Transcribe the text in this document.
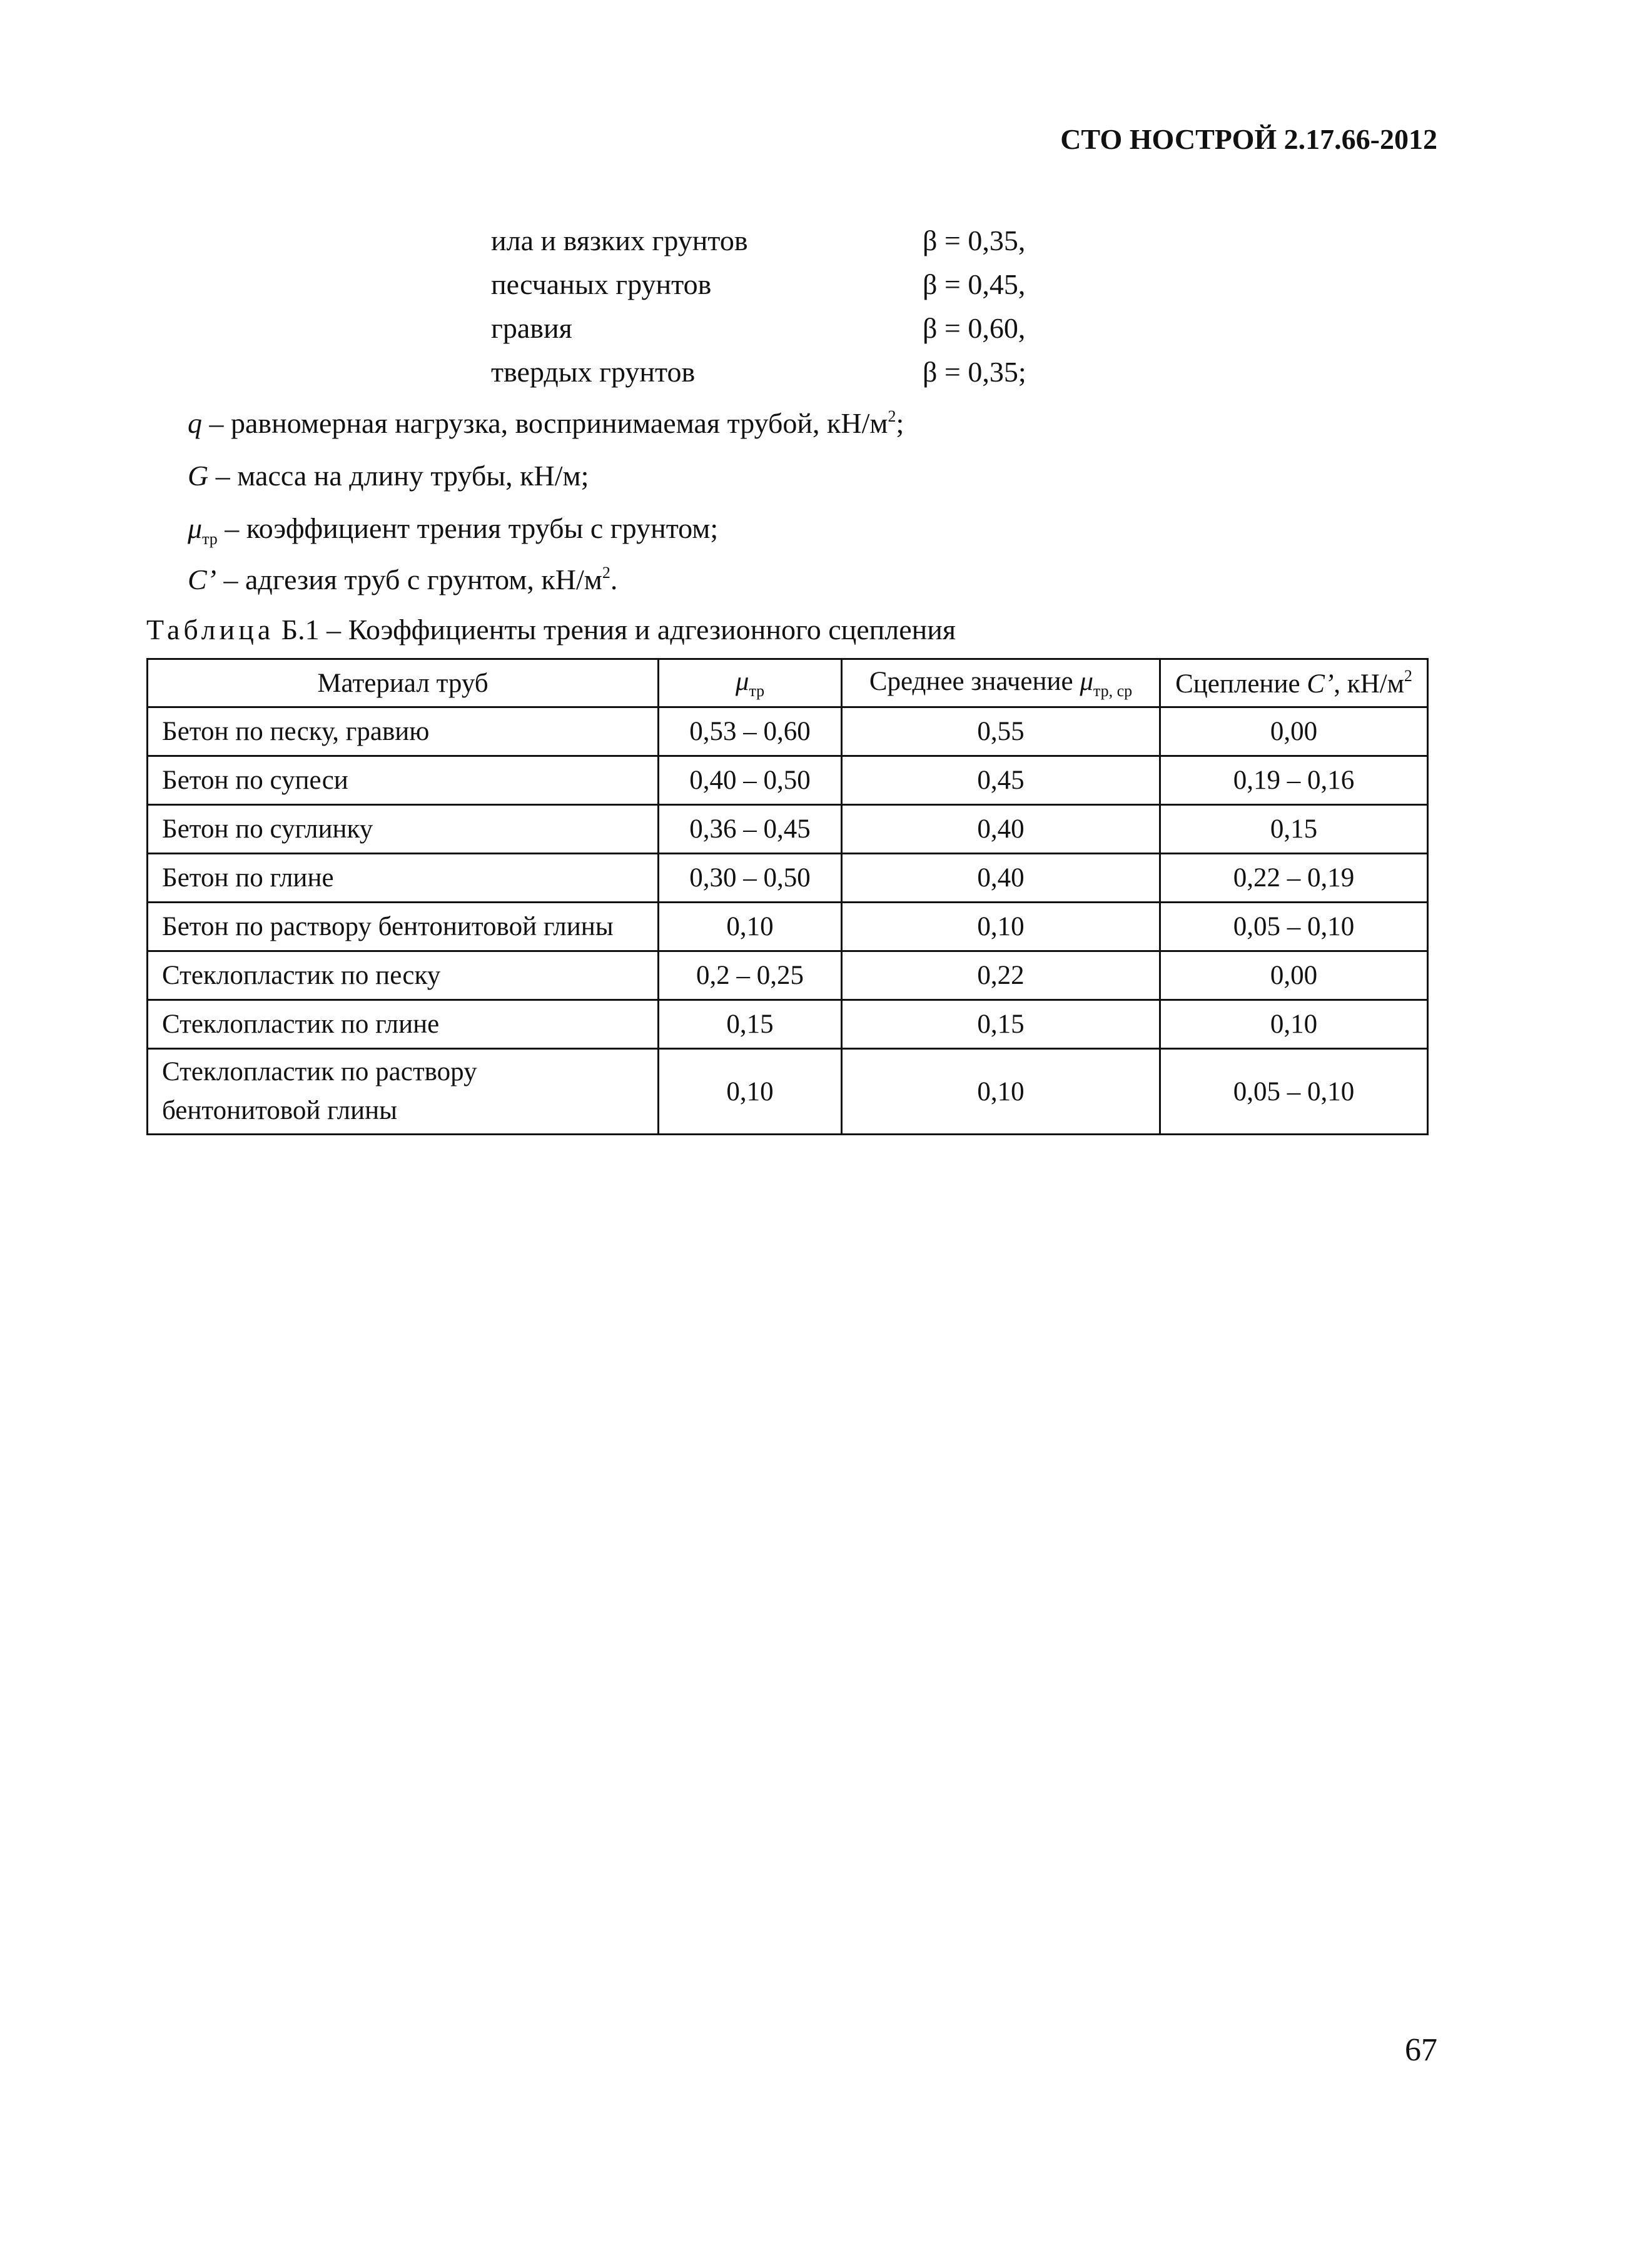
СТО НОСТРОЙ 2.17.66-2012
ила и вязких грунтов	β = 0,35,
песчаных грунтов	β = 0,45,
гравия	β = 0,60,
твердых грунтов	β = 0,35;
q – равномерная нагрузка, воспринимаемая трубой, $кН/м^2$;
G – масса на длину трубы, кН/м;
$\mu_{тр}$ – коэффициент трения трубы с грунтом;
C’ – адгезия труб с грунтом, $кН/м^2$.
Таблица Б.1 – Коэффициенты трения и адгезионного сцепления
Материал труб	$\mu_{тр}$	Среднее значение $\mu_{тр, ср}$	Сцепление C’, $кН/м^2$
Бетон по песку, гравию	0,53 – 0,60	0,55	0,00
Бетон по супеси	0,40 – 0,50	0,45	0,19 – 0,16
Бетон по суглинку	0,36 – 0,45	0,40	0,15
Бетон по глине	0,30 – 0,50	0,40	0,22 – 0,19
Бетон по раствору бентонитовой глины	0,10	0,10	0,05 – 0,10
Стеклопластик по песку	0,2 – 0,25	0,22	0,00
Стеклопластик по глине	0,15	0,15	0,10
Стеклопластик по раствору
бентонитовой глины	0,10	0,10	0,05 – 0,10
67
